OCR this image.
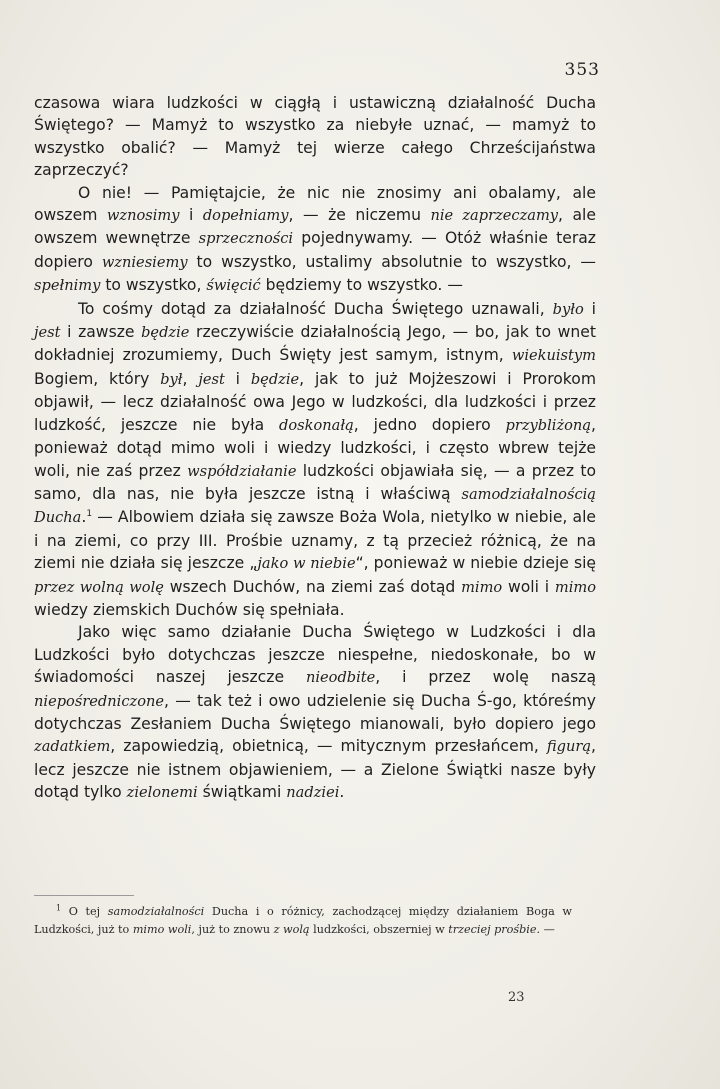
353

czasowa wiara ludzkości w ciągłą i ustawiczną działalność Ducha Świętego? — Mamyż to wszystko za niebyłe uznać, — mamyż to wszystko obalić? — Mamyż tej wierze całego Chrześcijaństwa zaprzeczyć?

O nie! — Pamiętajcie, że nic nie znosimy ani obalamy, ale owszem wznosimy i dopełniamy, — że niczemu nie zaprzeczamy, ale owszem wewnętrze sprzeczności pojednywamy. — Otóż właśnie teraz dopiero wzniesiemy to wszystko, ustalimy absolutnie to wszystko, — spełnimy to wszystko, święcić będziemy to wszystko. —

To cośmy dotąd za działalność Ducha Świętego uznawali, było i jest i zawsze będzie rzeczywiście działalnością Jego, — bo, jak to wnet dokładniej zrozumiemy, Duch Święty jest samym, istnym, wiekuistym Bogiem, który był, jest i będzie, jak to już Mojżeszowi i Prorokom objawił, — lecz działalność owa Jego w ludzkości, dla ludzkości i przez ludzkość, jeszcze nie była doskonałą, jedno dopiero przybliżoną, ponieważ dotąd mimo woli i wiedzy ludzkości, i często wbrew tejże woli, nie zaś przez współdziałanie ludzkości objawiała się, — a przez to samo, dla nas, nie była jeszcze istną i właściwą samodziałalnością Ducha.$^1$ — Albowiem działa się zawsze Boża Wola, nietylko w niebie, ale i na ziemi, co przy III. Prośbie uznamy, z tą przecież różnicą, że na ziemi nie działa się jeszcze „jako w niebie“, ponieważ w niebie dzieje się przez wolną wolę wszech Duchów, na ziemi zaś dotąd mimo woli i mimo wiedzy ziemskich Duchów się spełniała.

Jako więc samo działanie Ducha Świętego w Ludzkości i dla Ludzkości było dotychczas jeszcze niespełne, niedoskonałe, bo w świadomości naszej jeszcze nieodbite, i przez wolę naszą niepośredniczone, — tak też i owo udzielenie się Ducha Ś-go, któreśmy dotychczas Zesłaniem Ducha Świętego mianowali, było dopiero jego zadatkiem, zapowiedzią, obietnicą, — mitycznym przesłańcem, figurą, lecz jeszcze nie istnem objawieniem, — a Zielone Świątki nasze były dotąd tylko zielonemi świątkami nadziei.

$^1$ O tej samodziałalności Ducha i o różnicy, zachodzącej między działaniem Boga w Ludzkości, już to mimo woli, już to znowu z wolą ludzkości, obszerniej w trzeciej prośbie. —

23
